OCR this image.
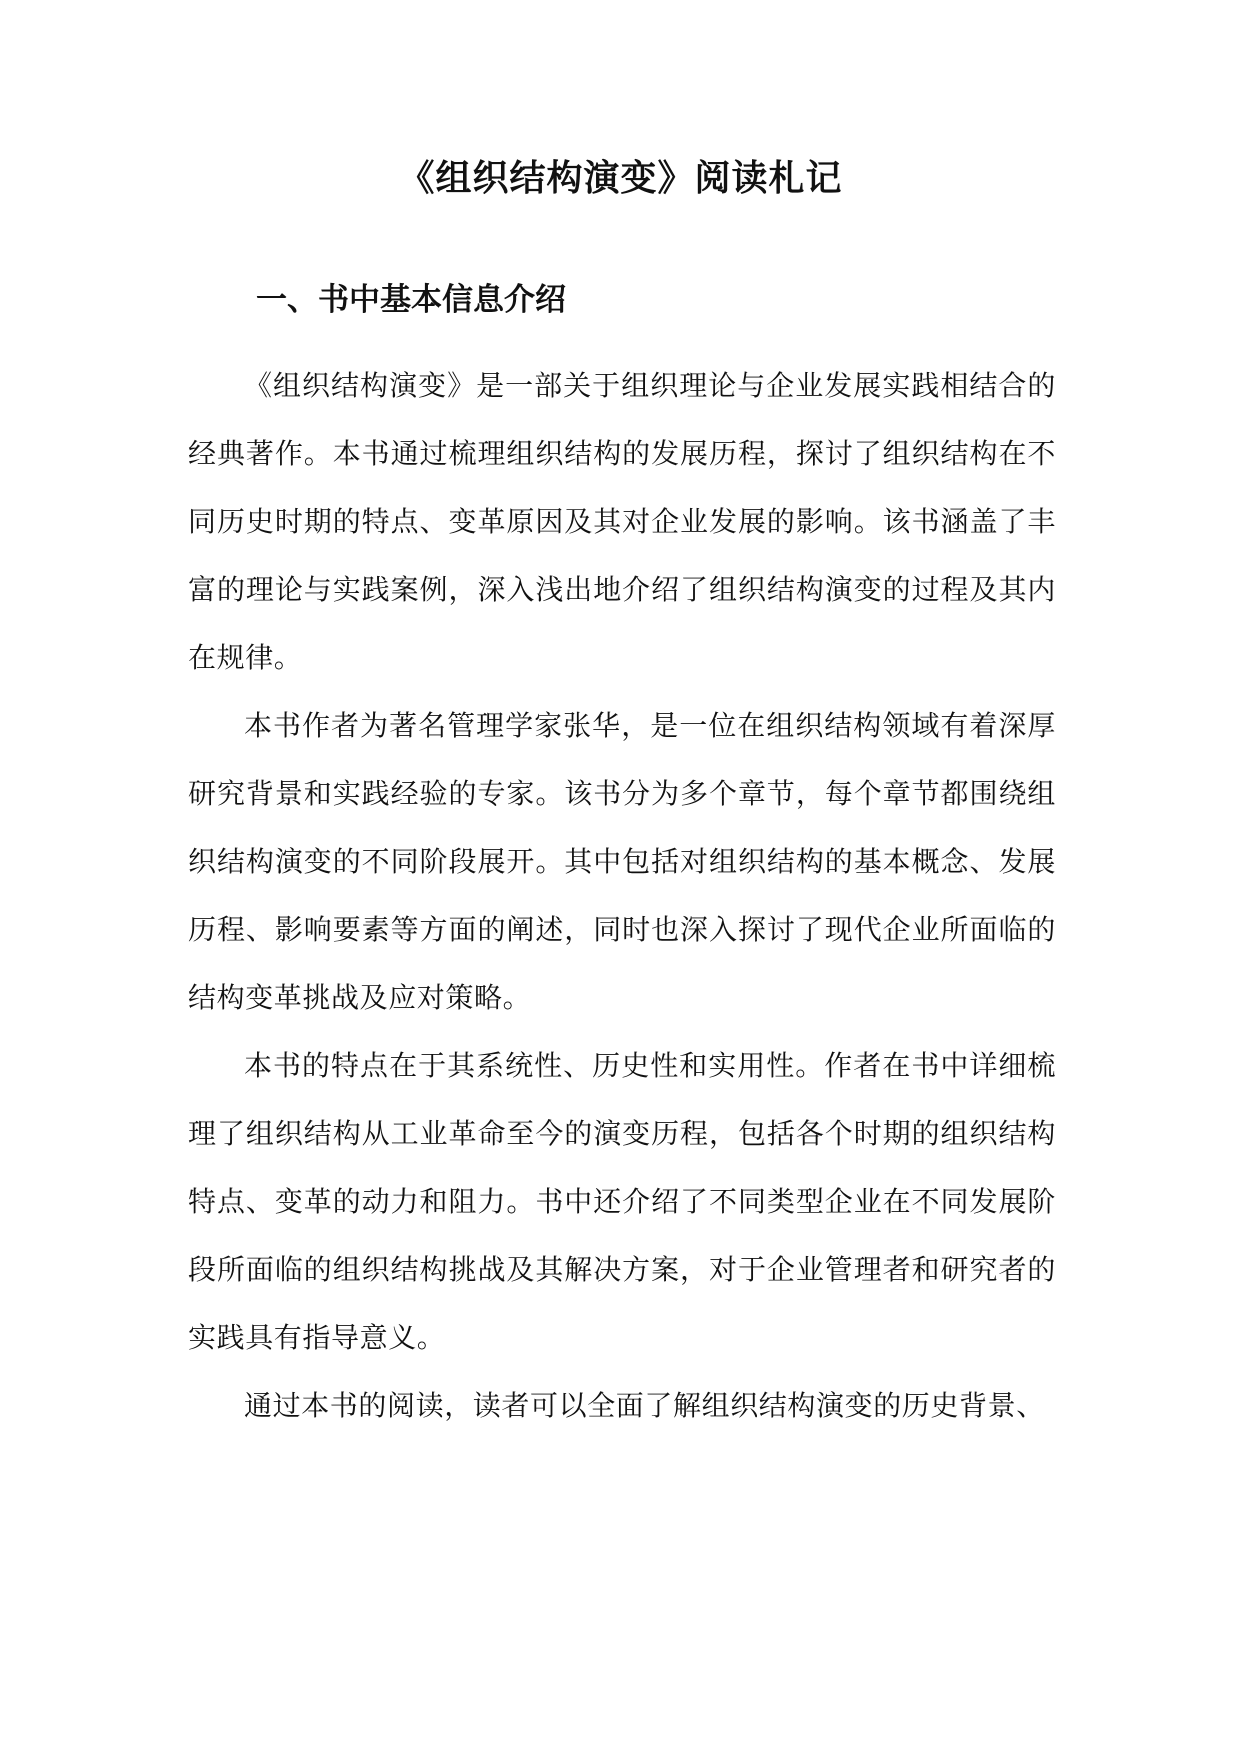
《组织结构演变》阅读札记
一、书中基本信息介绍

《组织结构演变》是一部关于组织理论与企业发展实践相结合的经典著作。本书通过梳理组织结构的发展历程，探讨了组织结构在不同历史时期的特点、变革原因及其对企业发展的影响。该书涵盖了丰富的理论与实践案例，深入浅出地介绍了组织结构演变的过程及其内在规律。

本书作者为著名管理学家张华，是一位在组织结构领域有着深厚研究背景和实践经验的专家。该书分为多个章节，每个章节都围绕组织结构演变的不同阶段展开。其中包括对组织结构的基本概念、发展历程、影响要素等方面的阐述，同时也深入探讨了现代企业所面临的结构变革挑战及应对策略。

本书的特点在于其系统性、历史性和实用性。作者在书中详细梳理了组织结构从工业革命至今的演变历程，包括各个时期的组织结构特点、变革的动力和阻力。书中还介绍了不同类型企业在不同发展阶段所面临的组织结构挑战及其解决方案，对于企业管理者和研究者的实践具有指导意义。

通过本书的阅读，读者可以全面了解组织结构演变的历史背景、
